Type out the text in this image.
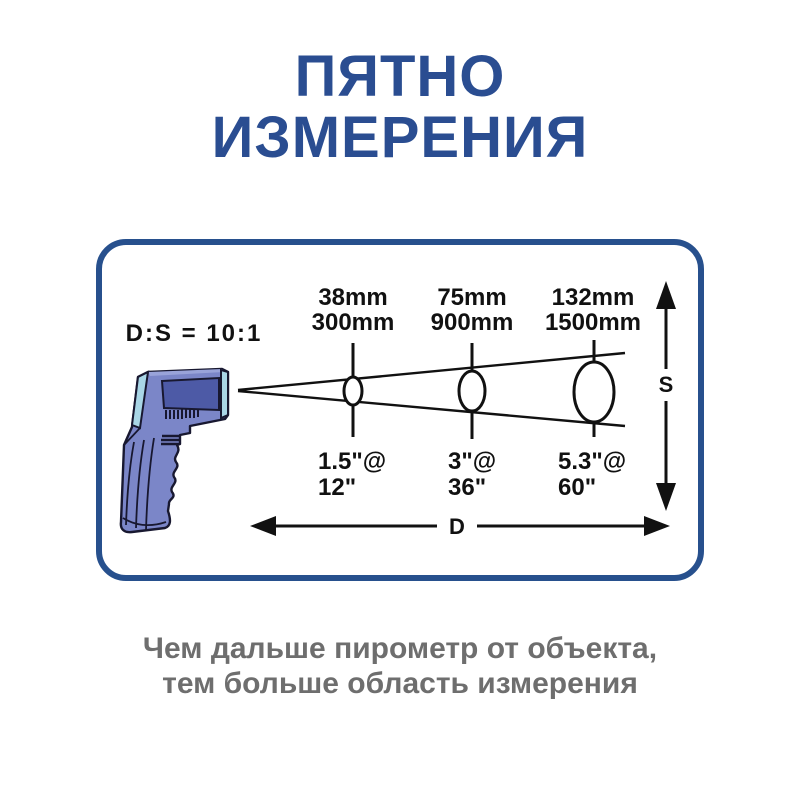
ПЯТНО
ИЗМЕРЕНИЯ
D:S = 10:1
38mm
300mm
75mm
900mm
132mm
1500mm
1.5"@
12"
3"@
36"
5.3"@
60"
S
D
Чем дальше пирометр от объекта,
тем больше область измерения
